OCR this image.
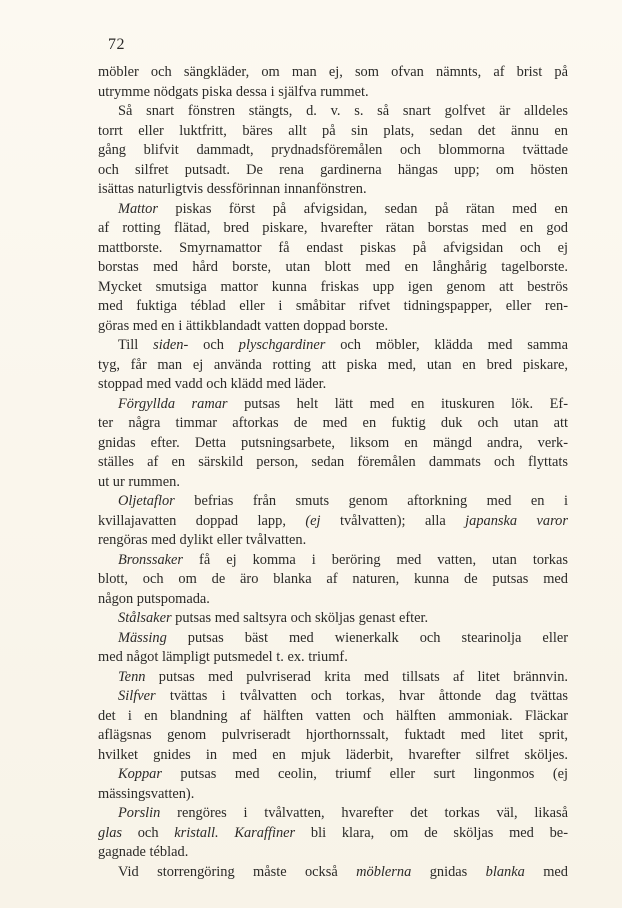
72
möbler och sängkläder, om man ej, som ofvan nämnts, af brist på
utrymme nödgats piska dessa i själfva rummet.
Så snart fönstren stängts, d. v. s. så snart golfvet är alldeles
torrt eller luktfritt, bäres allt på sin plats, sedan det ännu en
gång blifvit dammadt, prydnadsföremålen och blommorna tvättade
och silfret putsadt. De rena gardinerna hängas upp; om hösten
isättas naturligtvis dessförinnan innanfönstren.
Mattor piskas först på afvigsidan, sedan på rätan med en
af rotting flätad, bred piskare, hvarefter rätan borstas med en god
mattborste. Smyrnamattor få endast piskas på afvigsidan och ej
borstas med hård borste, utan blott med en långhårig tagelborste.
Mycket smutsiga mattor kunna friskas upp igen genom att beströs
med fuktiga téblad eller i småbitar rifvet tidningspapper, eller ren-
göras med en i ättikblandadt vatten doppad borste.
Till siden- och plyschgardiner och möbler, klädda med samma
tyg, får man ej använda rotting att piska med, utan en bred piskare,
stoppad med vadd och klädd med läder.
Förgyllda ramar putsas helt lätt med en ituskuren lök. Ef-
ter några timmar aftorkas de med en fuktig duk och utan att
gnidas efter. Detta putsningsarbete, liksom en mängd andra, verk-
ställes af en särskild person, sedan föremålen dammats och flyttats
ut ur rummen.
Oljetaflor befrias från smuts genom aftorkning med en i
kvillajavatten doppad lapp, (ej tvålvatten); alla japanska varor
rengöras med dylikt eller tvålvatten.
Bronssaker få ej komma i beröring med vatten, utan torkas
blott, och om de äro blanka af naturen, kunna de putsas med
någon putspomada.
Stålsaker putsas med saltsyra och sköljas genast efter.
Mässing putsas bäst med wienerkalk och stearinolja eller
med något lämpligt putsmedel t. ex. triumf.
Tenn putsas med pulvriserad krita med tillsats af litet brännvin.
Silfver tvättas i tvålvatten och torkas, hvar åttonde dag tvättas
det i en blandning af hälften vatten och hälften ammoniak. Fläckar
aflägsnas genom pulvriseradt hjorthornssalt, fuktadt med litet sprit,
hvilket gnides in med en mjuk läderbit, hvarefter silfret sköljes.
Koppar putsas med ceolin, triumf eller surt lingonmos (ej
mässingsvatten).
Porslin rengöres i tvålvatten, hvarefter det torkas väl, likaså
glas och kristall. Karaffiner bli klara, om de sköljas med be-
gagnade téblad.
Vid storrengöring måste också möblerna gnidas blanka med
